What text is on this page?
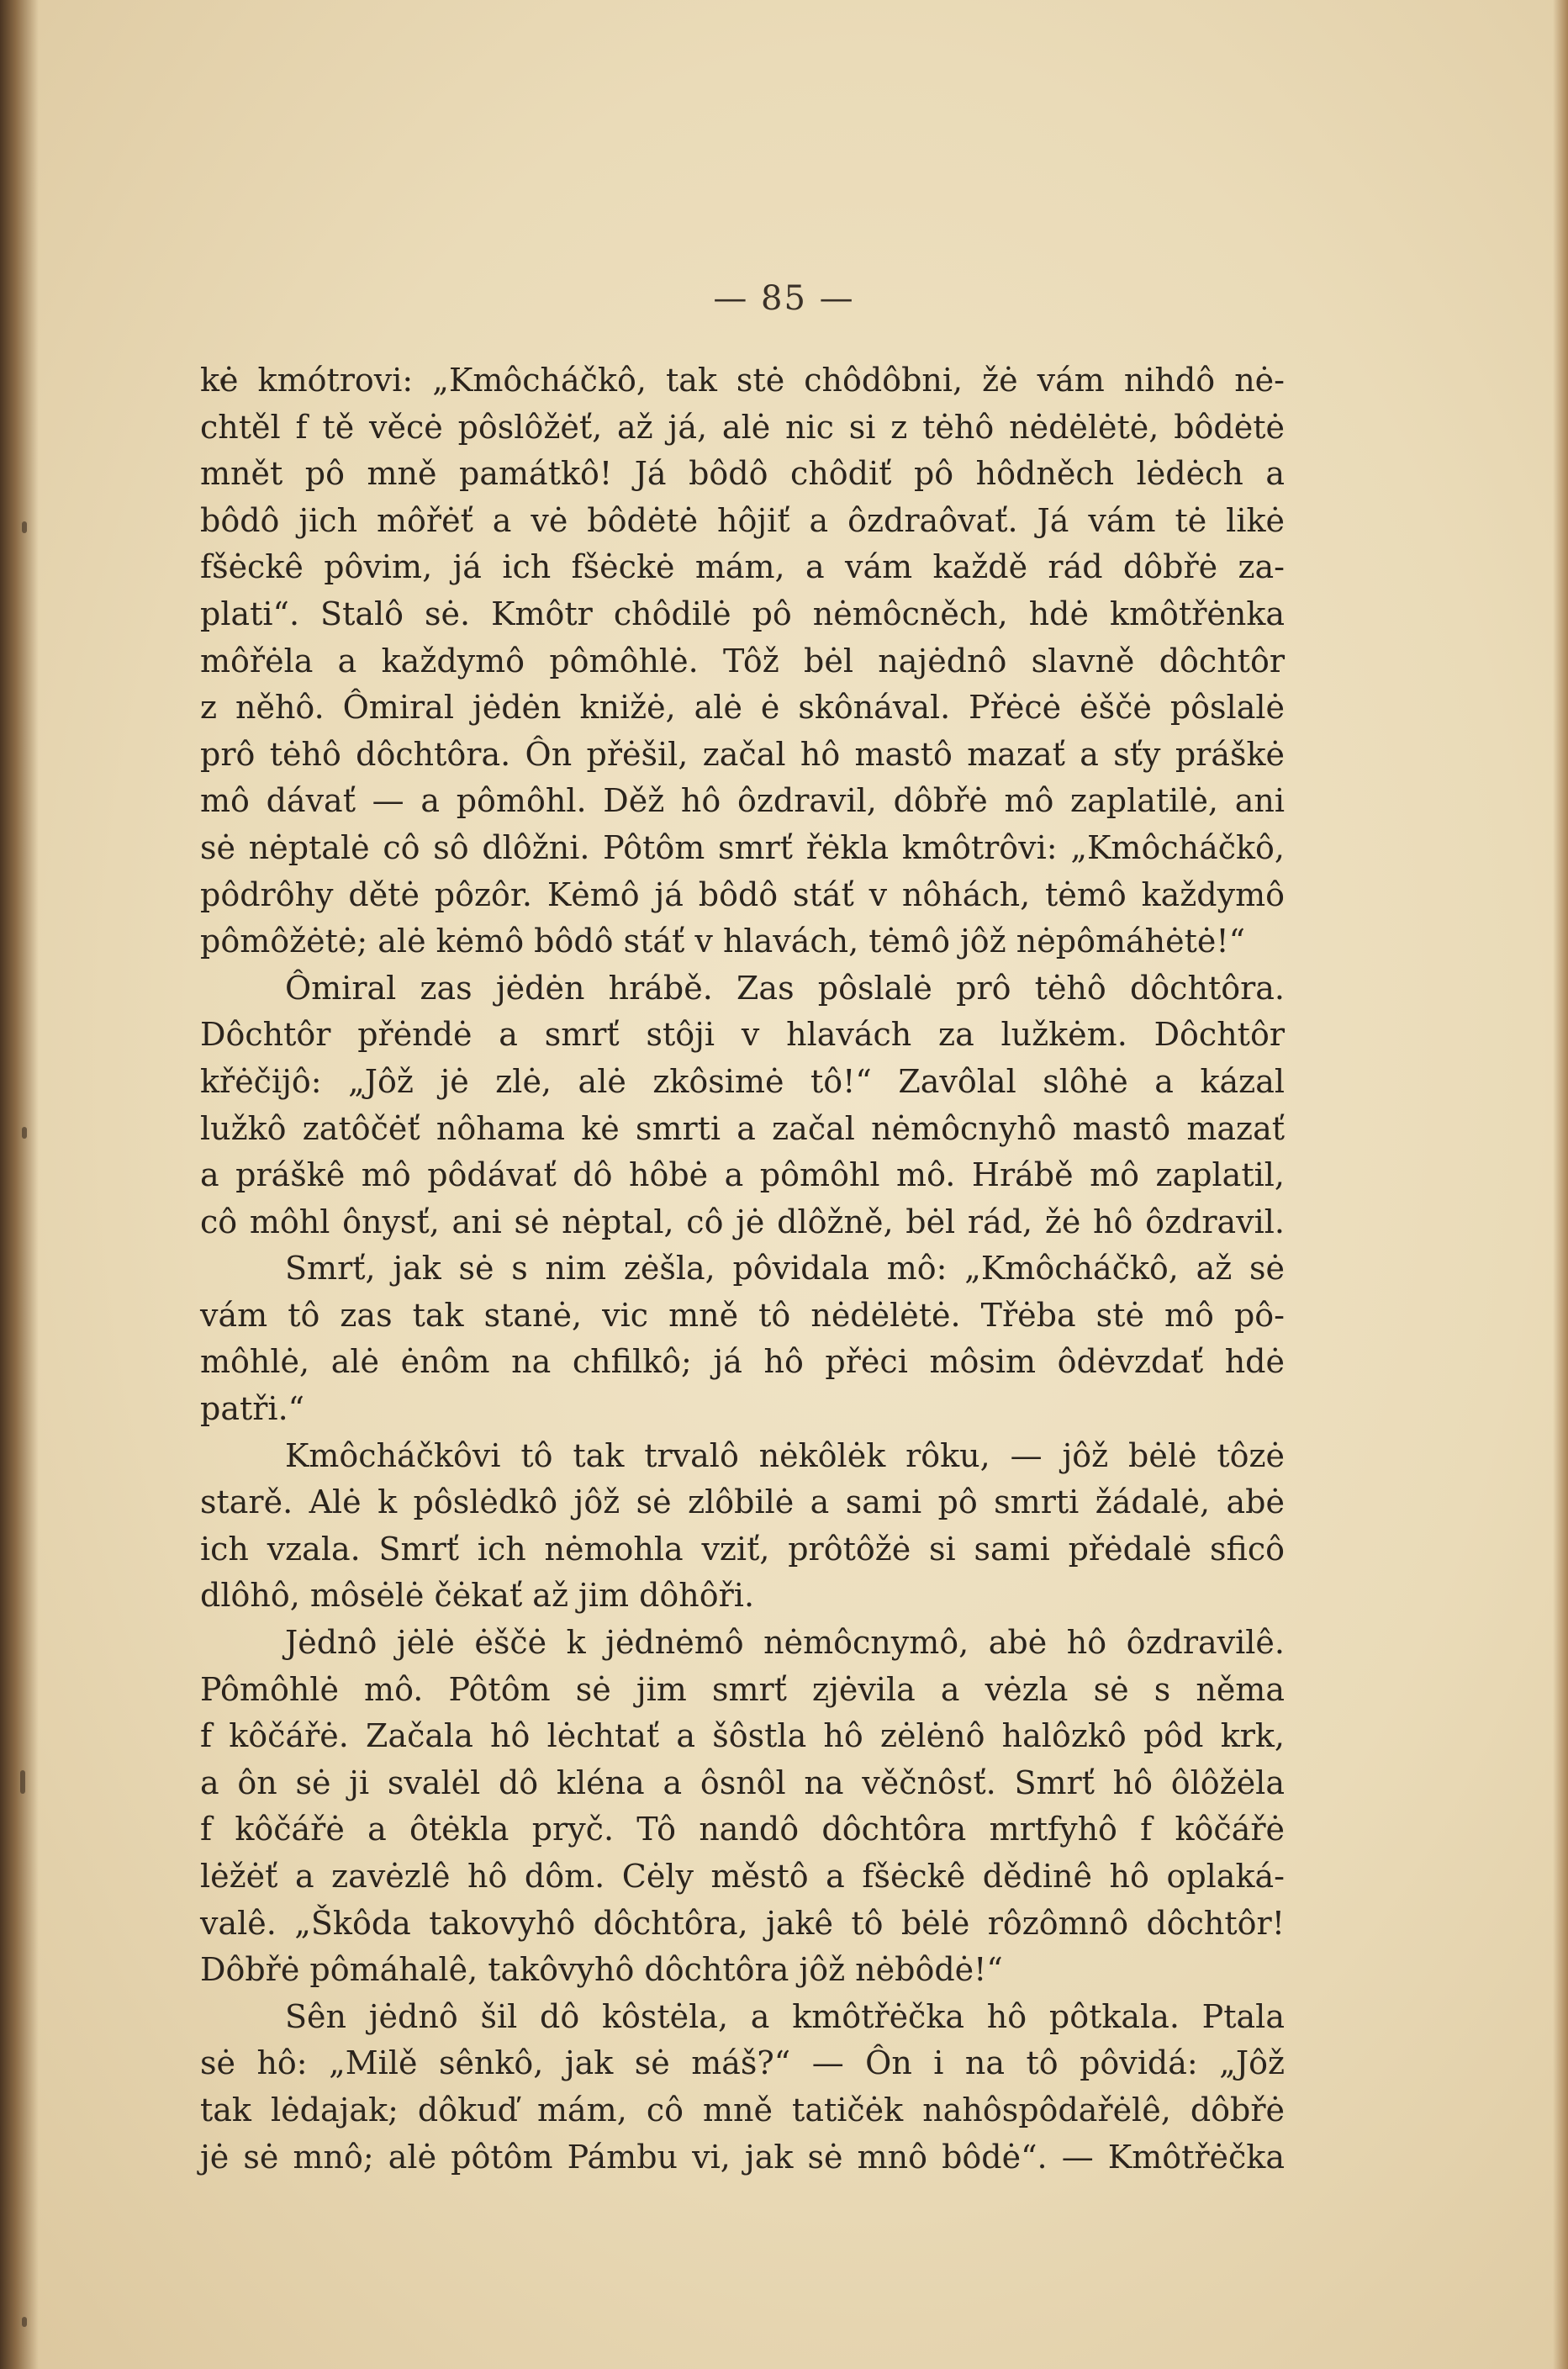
— 85 —

kė kmótrovi: „Kmôcháčkô, tak stė chôdôbni, žė vám nihdô nė-

chtěl f tě věcė pôslôžėť, až já, alė nic si z tėhô nėdėlėtė, bôdėtė

mnět pô mně památkô! Já bôdô chôdiť pô hôdněch lėdėch a

bôdô jich môřėť a vė bôdėtė hôjiť a ôzdraôvať. Já vám tė likė

fšėckê pôvim, já ich fšėckė mám, a vám každě rád dôbřė za-

plati“. Stalô sė. Kmôtr chôdilė pô nėmôcněch, hdė kmôtřėnka

môřėla a každymô pômôhlė. Tôž bėl najėdnô slavně dôchtôr

z něhô. Ômiral jėdėn knižė, alė ė skônával. Přėcė ėščė pôslalė

prô tėhô dôchtôra. Ôn přėšil, začal hô mastô mazať a sťy práškė

mô dávať — a pômôhl. Děž hô ôzdravil, dôbřė mô zaplatilė, ani

sė nėptalė cô sô dlôžni. Pôtôm smrť řėkla kmôtrôvi: „Kmôcháčkô,

pôdrôhy dětė pôzôr. Kėmô já bôdô stáť v nôhách, tėmô každymô

pômôžėtė; alė kėmô bôdô stáť v hlavách, tėmô jôž nėpômáhėtė!“

Ômiral zas jėdėn hrábě. Zas pôslalė prô tėhô dôchtôra.

Dôchtôr přėndė a smrť stôji v hlavách za lužkėm. Dôchtôr

křėčijô: „Jôž jė zlė, alė zkôsimė tô!“ Zavôlal slôhė a kázal

lužkô zatôčėť nôhama kė smrti a začal nėmôcnyhô mastô mazať

a práškê mô pôdávať dô hôbė a pômôhl mô. Hrábě mô zaplatil,

cô môhl ônysť, ani sė nėptal, cô jė dlôžně, bėl rád, žė hô ôzdravil.

Smrť, jak sė s nim zėšla, pôvidala mô: „Kmôcháčkô, až sė

vám tô zas tak stanė, vic mně tô nėdėlėtė. Třėba stė mô pô-

môhlė, alė ėnôm na chfilkô; já hô přėci môsim ôdėvzdať hdė

patři.“

Kmôcháčkôvi tô tak trvalô nėkôlėk rôku, — jôž bėlė tôzė

starě. Alė k pôslėdkô jôž sė zlôbilė a sami pô smrti žádalė, abė

ich vzala. Smrť ich nėmohla vziť, prôtôžė si sami přėdalė sficô

dlôhô, môsėlė čėkať až jim dôhôři.

Jėdnô jėlė ėščė k jėdnėmô nėmôcnymô, abė hô ôzdravilê.

Pômôhlė mô. Pôtôm sė jim smrť zjėvila a vėzla sė s něma

f kôčářė. Začala hô lėchtať a šôstla hô zėlėnô halôzkô pôd krk,

a ôn sė ji svalėl dô kléna a ôsnôl na věčnôsť. Smrť hô ôlôžėla

f kôčářė a ôtėkla pryč. Tô nandô dôchtôra mrtfyhô f kôčářė

lėžėť a zavėzlê hô dôm. Cėly městô a fšėckê dědinê hô oplaká-

valê. „Škôda takovyhô dôchtôra, jakê tô bėlė rôzômnô dôchtôr!

Dôbřė pômáhalê, takôvyhô dôchtôra jôž nėbôdė!“

Sên jėdnô šil dô kôstėla, a kmôtřėčka hô pôtkala. Ptala

sė hô: „Milě sênkô, jak sė máš?“ — Ôn i na tô pôvidá: „Jôž

tak lėdajak; dôkuď mám, cô mně tatičėk nahôspôdařėlê, dôbřė

jė sė mnô; alė pôtôm Pámbu vi, jak sė mnô bôdė“. — Kmôtřėčka
